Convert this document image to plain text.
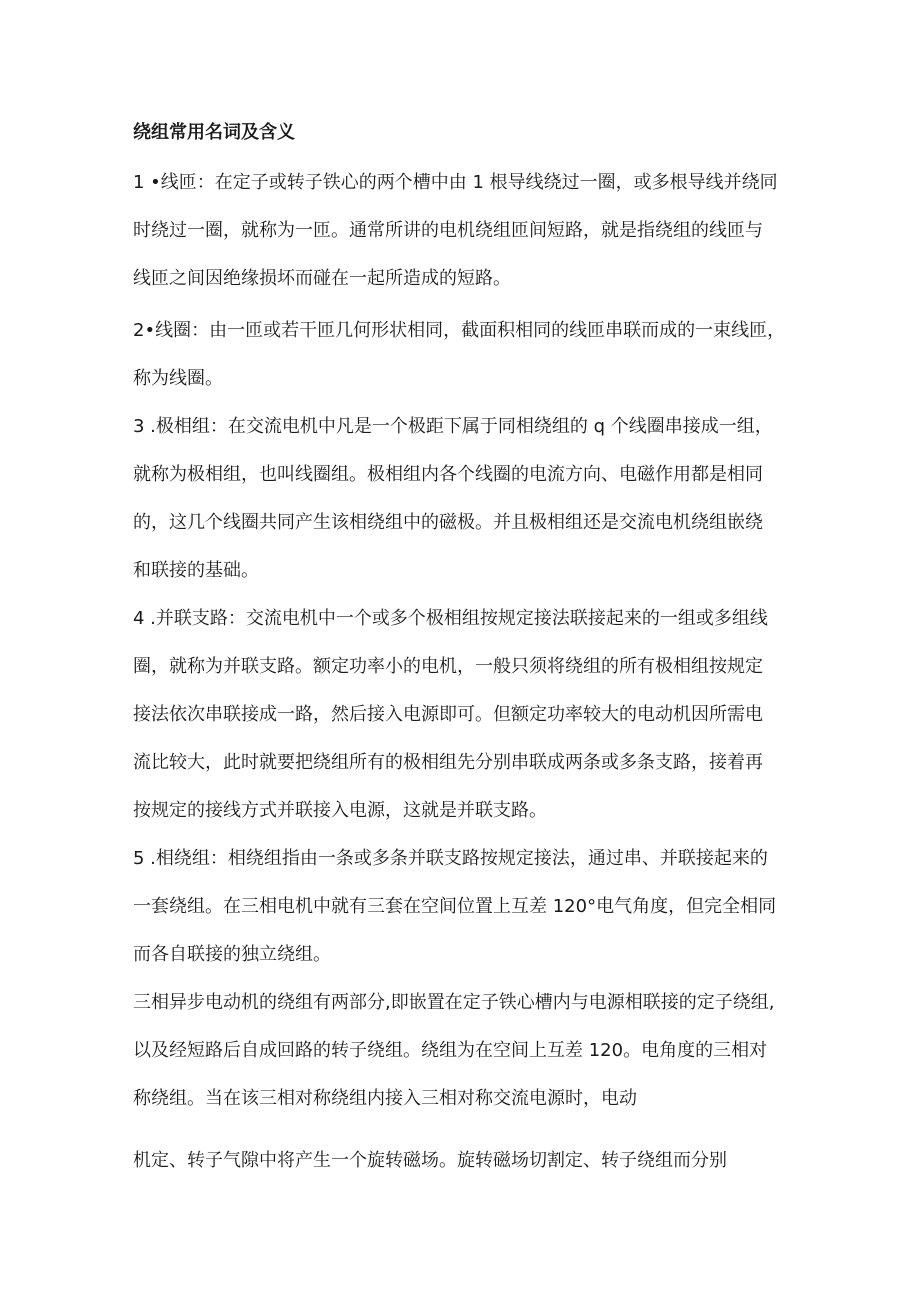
绕组常用名词及含义
1 •线匝：在定子或转子铁心的两个槽中由 1 根导线绕过一圈，或多根导线并绕同
时绕过一圈，就称为一匝。通常所讲的电机绕组匝间短路，就是指绕组的线匝与
线匝之间因绝缘损坏而碰在一起所造成的短路。
2•线圈：由一匝或若干匝几何形状相同，截面积相同的线匝串联而成的一束线匝，
称为线圈。
3 .极相组：在交流电机中凡是一个极距下属于同相绕组的 q 个线圈串接成一组，
就称为极相组，也叫线圈组。极相组内各个线圈的电流方向、电磁作用都是相同
的，这几个线圈共同产生该相绕组中的磁极。并且极相组还是交流电机绕组嵌绕
和联接的基础。
4 .并联支路：交流电机中一个或多个极相组按规定接法联接起来的一组或多组线
圈，就称为并联支路。额定功率小的电机，一般只须将绕组的所有极相组按规定
接法依次串联接成一路，然后接入电源即可。但额定功率较大的电动机因所需电
流比较大，此时就要把绕组所有的极相组先分别串联成两条或多条支路，接着再
按规定的接线方式并联接入电源，这就是并联支路。
5 .相绕组：相绕组指由一条或多条并联支路按规定接法，通过串、并联接起来的
一套绕组。在三相电机中就有三套在空间位置上互差 120°电气角度，但完全相同
而各自联接的独立绕组。
三相异步电动机的绕组有两部分,即嵌置在定子铁心槽内与电源相联接的定子绕组,
以及经短路后自成回路的转子绕组。绕组为在空间上互差 120。电角度的三相对
称绕组。当在该三相对称绕组内接入三相对称交流电源时，电动
机定、转子气隙中将产生一个旋转磁场。旋转磁场切割定、转子绕组而分别
